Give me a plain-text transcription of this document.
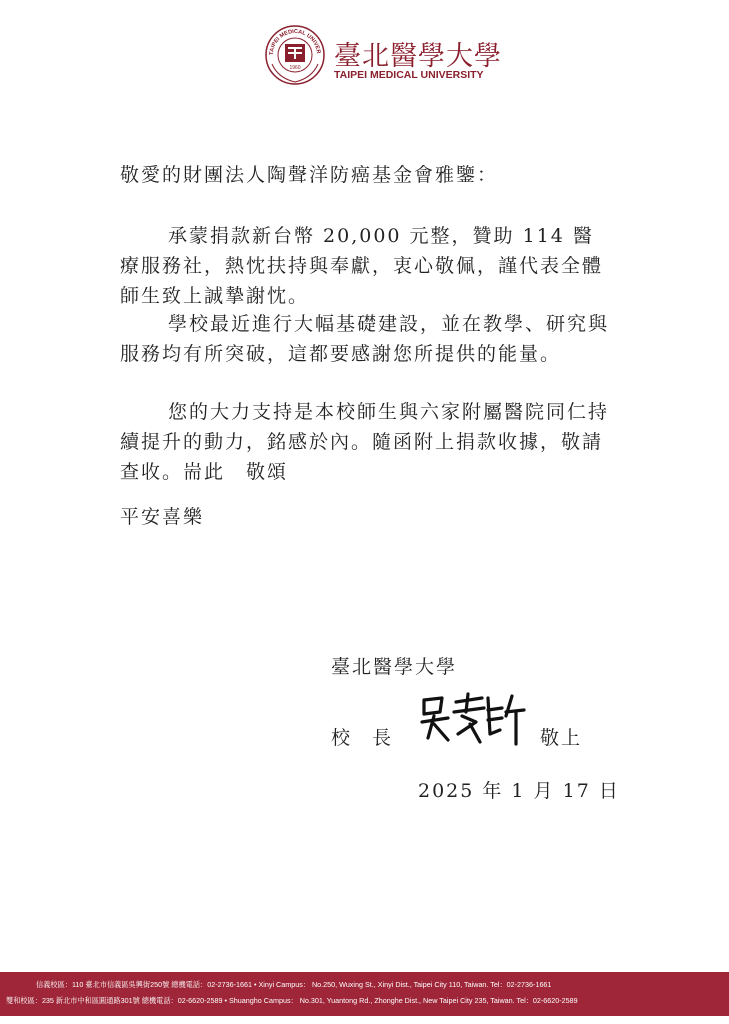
TAIPEI MEDICAL UNIVER
1960 臺北醫學大學
TAIPEI MEDICAL UNIVERSITY
敬愛的財團法人陶聲洋防癌基金會雅鑒：
承蒙捐款新台幣 20,000 元整，贊助 114 醫療服務社，熱忱扶持與奉獻，衷心敬佩，謹代表全體師生致上誠摯謝忱。
學校最近進行大幅基礎建設，並在教學、研究與服務均有所突破，這都要感謝您所提供的能量。
您的大力支持是本校師生與六家附屬醫院同仁持續提升的動力，銘感於內。隨函附上捐款收據，敬請查收。耑此　敬頌
平安喜樂
臺北醫學大學
校長	敬上
2025 年 1 月 17 日
信義校區：110 臺北市信義區吳興街250號 總機電話：02-2736-1661 • Xinyi Campus： No.250, Wuxing St., Xinyi Dist., Taipei City 110, Taiwan. Tel：02-2736-1661
雙和校區：235 新北市中和區圓通路301號 總機電話：02-6620-2589 • Shuangho Campus： No.301, Yuantong Rd., Zhonghe Dist., New Taipei City 235, Taiwan. Tel：02-6620-2589
